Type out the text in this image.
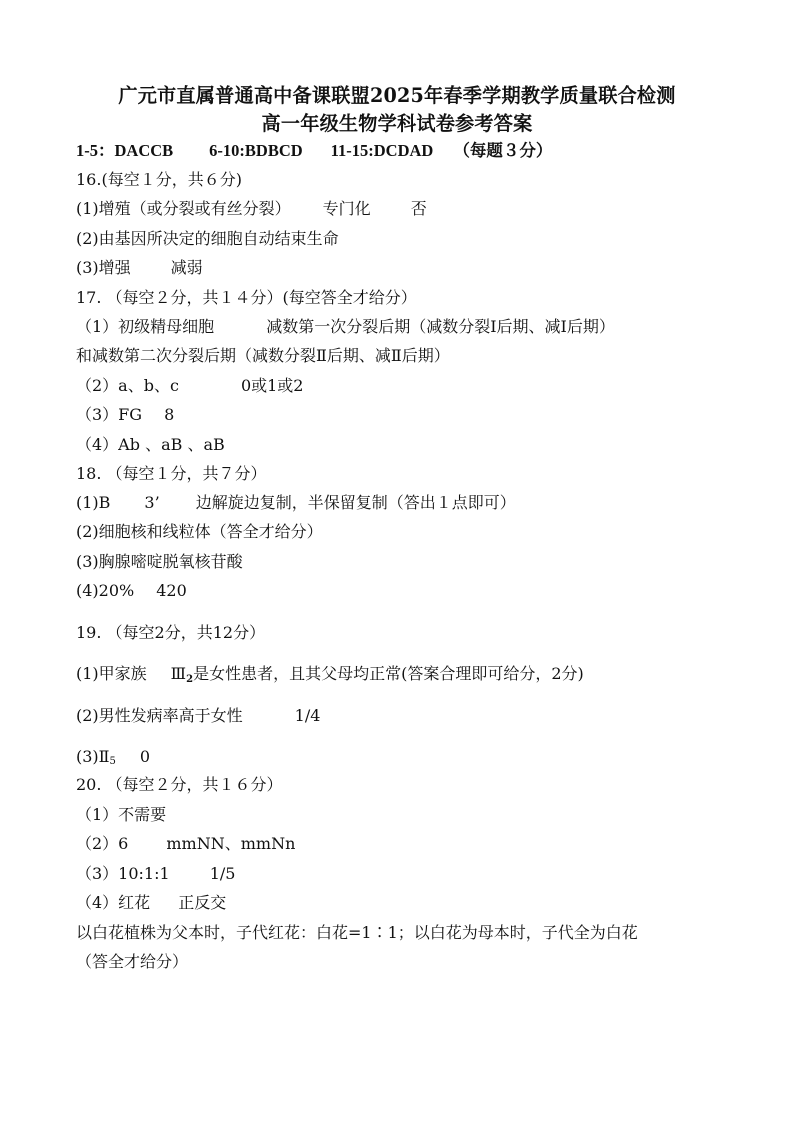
广元市直属普通高中备课联盟2025年春季学期教学质量联合检测
高一年级生物学科试卷参考答案
1-5：DACCB 6-10:BDBCD 11-15:DCDAD （每题３分）
16.(每空１分，共６分)
(1)增殖（或分裂或有丝分裂） 专门化	否
(2)由基因所决定的细胞自动结束生命
(3)增强	减弱
17. （每空２分，共１４分）(每空答全才给分）
（1）初级精母细胞	减数第一次分裂后期（减数分裂Ⅰ后期、减Ⅰ后期）
和减数第二次分裂后期（减数分裂Ⅱ后期、减Ⅱ后期）
（2）a、b、c	0或1或2
（3）FG 8
（4）Ab 、aB 、aB
18. （每空１分，共７分）
(1)B 3’ 边解旋边复制，半保留复制（答出１点即可）
(2)细胞核和线粒体（答全才给分）
(3)胸腺嘧啶脱氧核苷酸
(4)20% 420
19. （每空2分，共12分）
(1)甲家族 $Ⅲ_2$是女性患者，且其父母均正常(答案合理即可给分，2分)
(2)男性发病率高于女性	1/4
(3)Ⅱ5 0
20. （每空２分，共１６分）
（1）不需要
（2）6 mmNN、mmNn
（3）10:1:1	1/5
（4）红花 正反交
以白花植株为父本时，子代红花：白花=1∶1；以白花为母本时，子代全为白花
（答全才给分）
